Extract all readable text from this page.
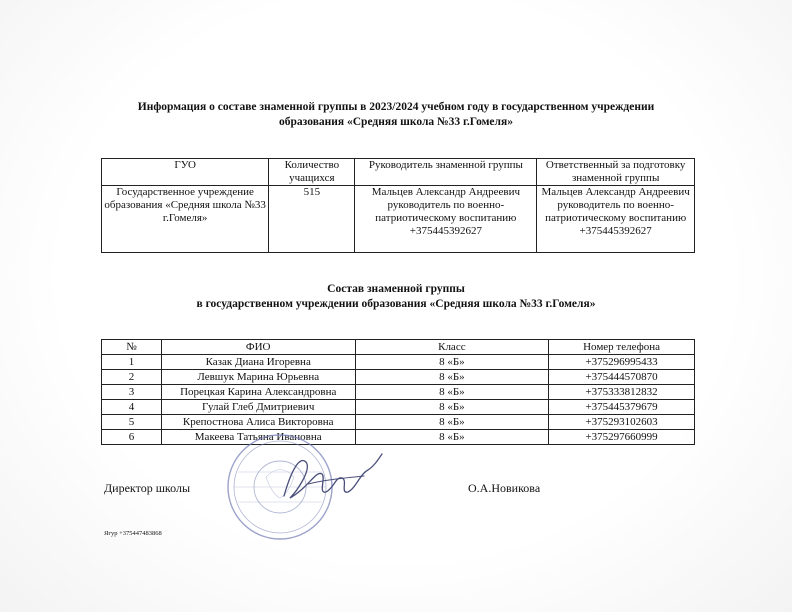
Информация о составе знаменной группы в 2023/2024 учебном году в государственном учреждении
образования «Средняя школа №33 г.Гомеля»
ГУО	Количество учащихся	Руководитель знаменной группы	Ответственный за подготовку знаменной группы
Государственное учреждение образования «Средняя школа №33 г.Гомеля»	515	Мальцев Александр Андреевич руководитель по военно-патриотическому воспитанию +375445392627	Мальцев Александр Андреевич руководитель по военно-патриотическому воспитанию +375445392627
Состав знаменной группы
в государственном учреждении образования «Средняя школа №33 г.Гомеля»
№	ФИО	Класс	Номер телефона
1	Казак Диана Игоревна	8 «Б»	+375296995433
2	Левшук Марина Юрьевна	8 «Б»	+375444570870
3	Порецкая Карина Александровна	8 «Б»	+375333812832
4	Гулай Глеб Дмитриевич	8 «Б»	+375445379679
5	Крепостнова Алиса Викторовна	8 «Б»	+375293102603
6	Макеева Татьяна Ивановна	8 «Б»	+375297660999
Директор школы	О.А.Новикова
Ягур +375447483868
